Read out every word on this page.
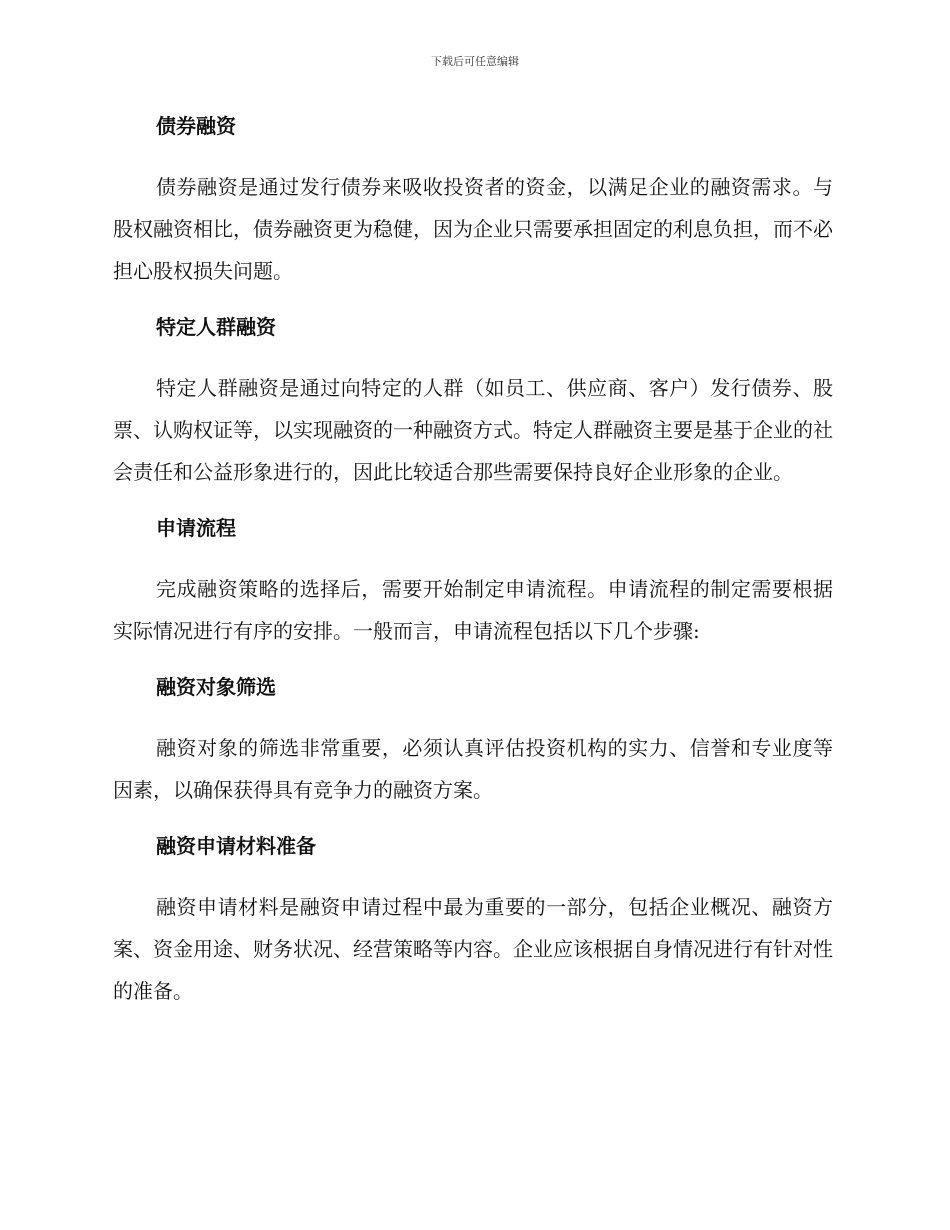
下载后可任意编辑
债券融资

债券融资是通过发行债券来吸收投资者的资金，以满足企业的融资需求。与股权融资相比，债券融资更为稳健，因为企业只需要承担固定的利息负担，而不必担心股权损失问题。

特定人群融资

特定人群融资是通过向特定的人群（如员工、供应商、客户）发行债券、股票、认购权证等，以实现融资的一种融资方式。特定人群融资主要是基于企业的社会责任和公益形象进行的，因此比较适合那些需要保持良好企业形象的企业。

申请流程

完成融资策略的选择后，需要开始制定申请流程。申请流程的制定需要根据实际情况进行有序的安排。一般而言，申请流程包括以下几个步骤:

融资对象筛选

融资对象的筛选非常重要，必须认真评估投资机构的实力、信誉和专业度等因素，以确保获得具有竞争力的融资方案。

融资申请材料准备

融资申请材料是融资申请过程中最为重要的一部分，包括企业概况、融资方案、资金用途、财务状况、经营策略等内容。企业应该根据自身情况进行有针对性的准备。
